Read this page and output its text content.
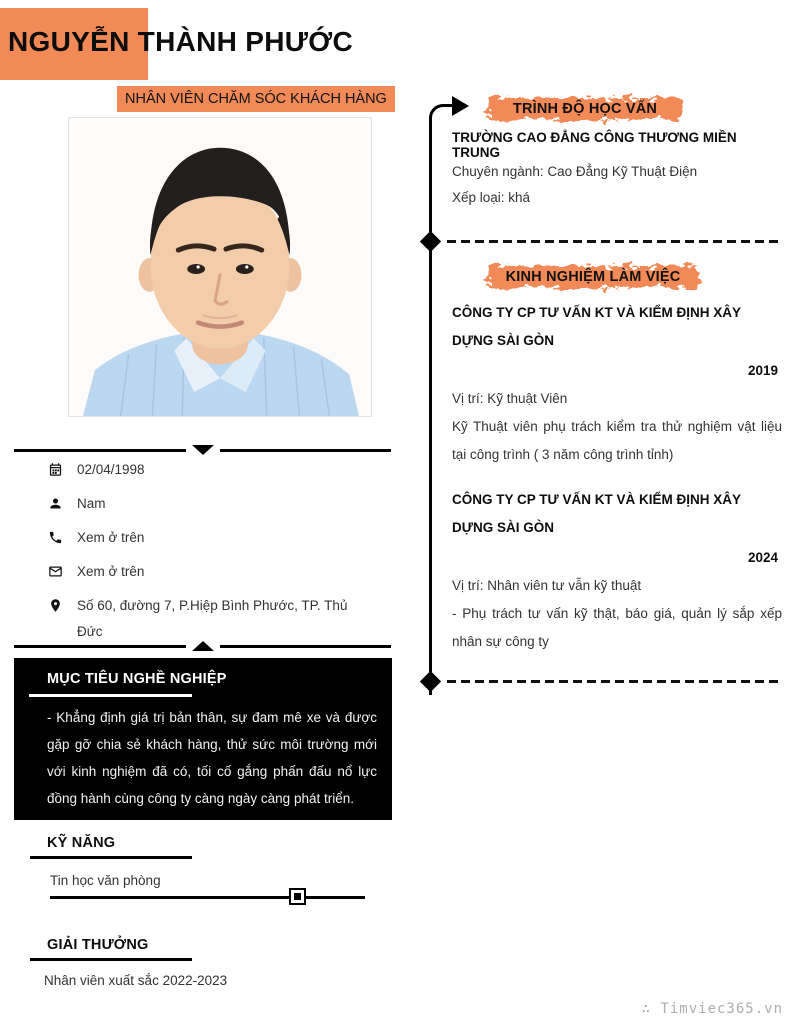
NGUYỄN THÀNH PHƯỚC
NHÂN VIÊN CHĂM SÓC KHÁCH HÀNG
02/04/1998
Nam
Xem ở trên
Xem ở trên
Số 60, đường 7, P.Hiệp Bình Phước, TP. Thủ Đức
MỤC TIÊU NGHỀ NGHIỆP
- Khẳng định giá trị bản thân, sự đam mê xe và được gặp gỡ chia sẻ khách hàng, thử sức môi trường mới với kinh nghiệm đã có, tối cố gắng phấn đấu nổ lực đồng hành cùng công ty càng ngày càng phát triển.
KỸ NĂNG
Tin học văn phòng
GIẢI THƯỞNG
Nhân viên xuất sắc 2022-2023
TRÌNH ĐỘ HỌC VẤN
TRƯỜNG CAO ĐẲNG CÔNG THƯƠNG MIỀN TRUNG
Chuyên ngành: Cao Đẳng Kỹ Thuật Điện
Xếp loại: khá
KINH NGHIỆM LÀM VIỆC
CÔNG TY CP TƯ VẤN KT VÀ KIỂM ĐỊNH XÂY DỰNG SÀI GÒN
2019
Vị trí: Kỹ thuật Viên
Kỹ Thuật viên phụ trách kiểm tra thử nghiệm vật liệu tại công trình ( 3 năm công trình tỉnh)
CÔNG TY CP TƯ VẤN KT VÀ KIỂM ĐỊNH XÂY DỰNG SÀI GÒN
2024
Vị trí: Nhân viên tư vẫn kỹ thuật
- Phụ trách tư vấn kỹ thật, báo giá, quản lý sắp xếp nhân sự công ty
∴ Timviec365.vn
